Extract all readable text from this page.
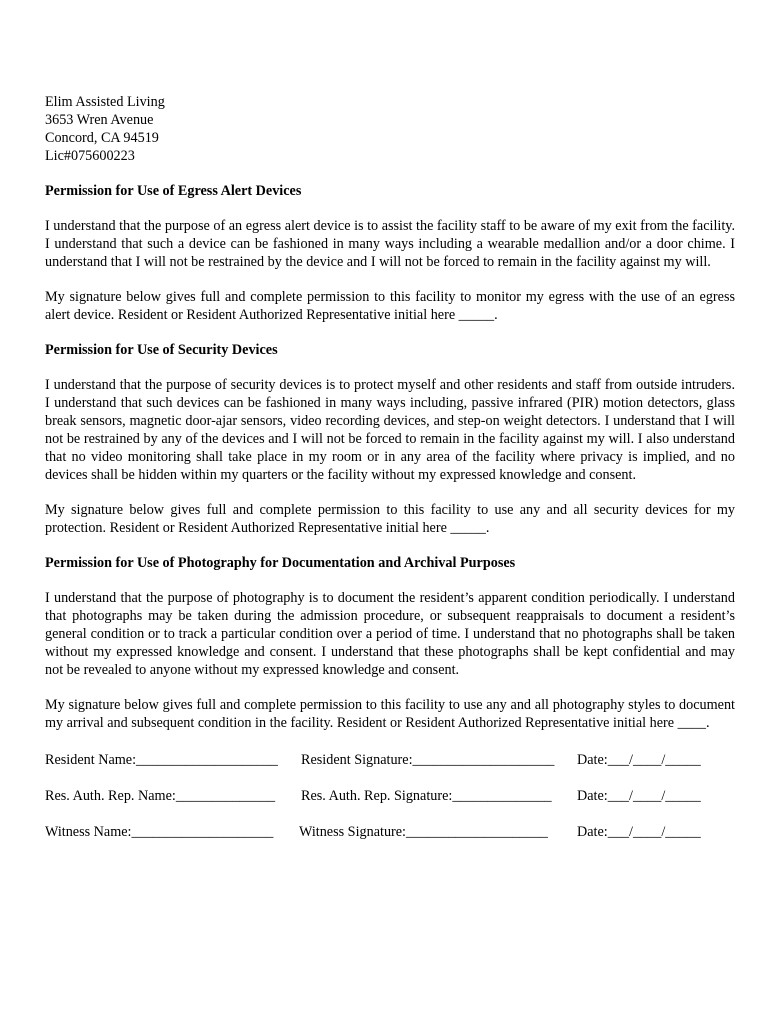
Elim Assisted Living
3653 Wren Avenue
Concord, CA 94519
Lic#075600223
Permission for Use of Egress Alert Devices
I understand that the purpose of an egress alert device is to assist the facility staff to be aware of my exit from the facility. I understand that such a device can be fashioned in many ways including a wearable medallion and/or a door chime. I understand that I will not be restrained by the device and I will not be forced to remain in the facility against my will.
My signature below gives full and complete permission to this facility to monitor my egress with the use of an egress alert device. Resident or Resident Authorized Representative initial here _____.
Permission for Use of Security Devices
I understand that the purpose of security devices is to protect myself and other residents and staff from outside intruders. I understand that such devices can be fashioned in many ways including, passive infrared (PIR) motion detectors, glass break sensors, magnetic door-ajar sensors, video recording devices, and step-on weight detectors. I understand that I will not be restrained by any of the devices and I will not be forced to remain in the facility against my will. I also understand that no video monitoring shall take place in my room or in any area of the facility where privacy is implied, and no devices shall be hidden within my quarters or the facility without my expressed knowledge and consent.
My signature below gives full and complete permission to this facility to use any and all security devices for my protection. Resident or Resident Authorized Representative initial here _____.
Permission for Use of Photography for Documentation and Archival Purposes
I understand that the purpose of photography is to document the resident’s apparent condition periodically. I understand that photographs may be taken during the admission procedure, or subsequent reappraisals to document a resident’s general condition or to track a particular condition over a period of time. I understand that no photographs shall be taken without my expressed knowledge and consent. I understand that these photographs shall be kept confidential and may not be revealed to anyone without my expressed knowledge and consent.
My signature below gives full and complete permission to this facility to use any and all photography styles to document my arrival and subsequent condition in the facility. Resident or Resident Authorized Representative initial here ____.
Resident Name:____________________ Resident Signature:____________________ Date:___/____/_____
Res. Auth. Rep. Name:______________ Res. Auth. Rep. Signature:______________ Date:___/____/_____
Witness Name:____________________ Witness Signature:____________________ Date:___/____/_____
